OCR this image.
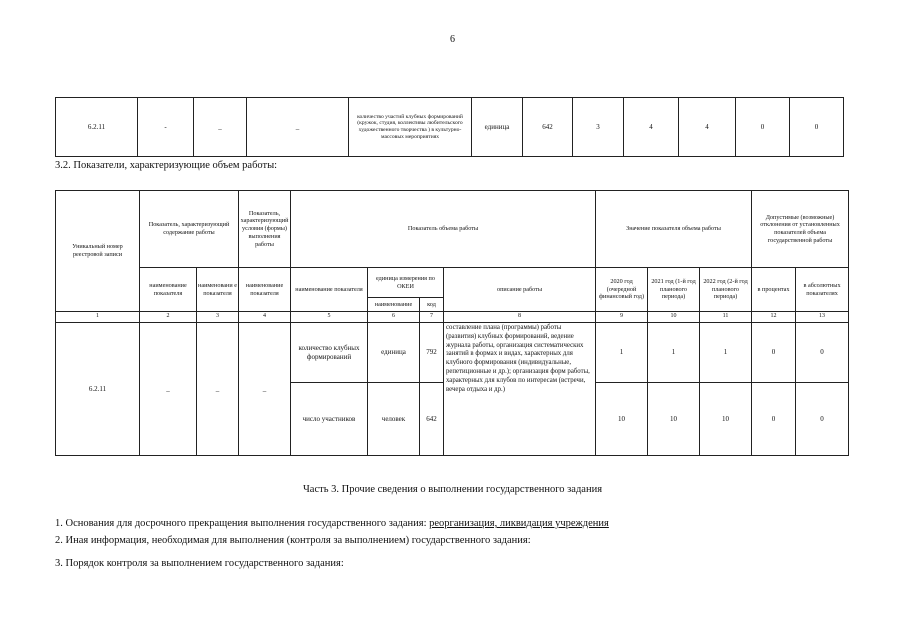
6
6.2.11	-	_	_	количество участий клубных формирований (кружок, студия, коллективы любительского художественного творчества ) в культурно-массовых мероприятиях	единица	642	3	4	4	0	0
3.2. Показатели, характеризующие объем работы:
Уникальный номер реестровой записи	Показатель, характеризующий содержание работы		Показатель, характеризующий условия (формы) выполнения работы	Показатель объема работы				Значение показателя объема работы			Допустимые (возможные) отклонения от установленных показателей объема государственной работы	
	наименование показателя	наименовани е показателя	наименование показателя	наименование показателя	единица измерения по ОКЕИ		описание работы	2020 год (очередной финансовый год)	2021 год (1-й год планового периода)	2022 год (2-й год планового периода)	в процентах	в абсолютных показателях
					наименование	код						
1	2	3	4	5	6	7	8	9	10	11	12	13
6.2.11	_	_	_	количество клубных формирований	единица	792	составление плана (программы) работы (развития) клубных формирований, ведение журнала работы, организация систематических занятий в формах и видах, характерных для клубного формирования (индивидуальные, репетиционные и др.); организация форм работы, характерных для клубов по интересам (встречи, вечера отдыха и др.)	1	1	1	0	0
				число участников	человек	642		10	10	10	0	0
Часть 3. Прочие сведения о выполнении государственного задания
1. Основания для досрочного прекращения выполнения государственного задания: реорганизация, ликвидация учреждения
2. Иная информация, необходимая для выполнения (контроля за выполнением) государственного задания:
3. Порядок контроля за выполнением государственного задания:
